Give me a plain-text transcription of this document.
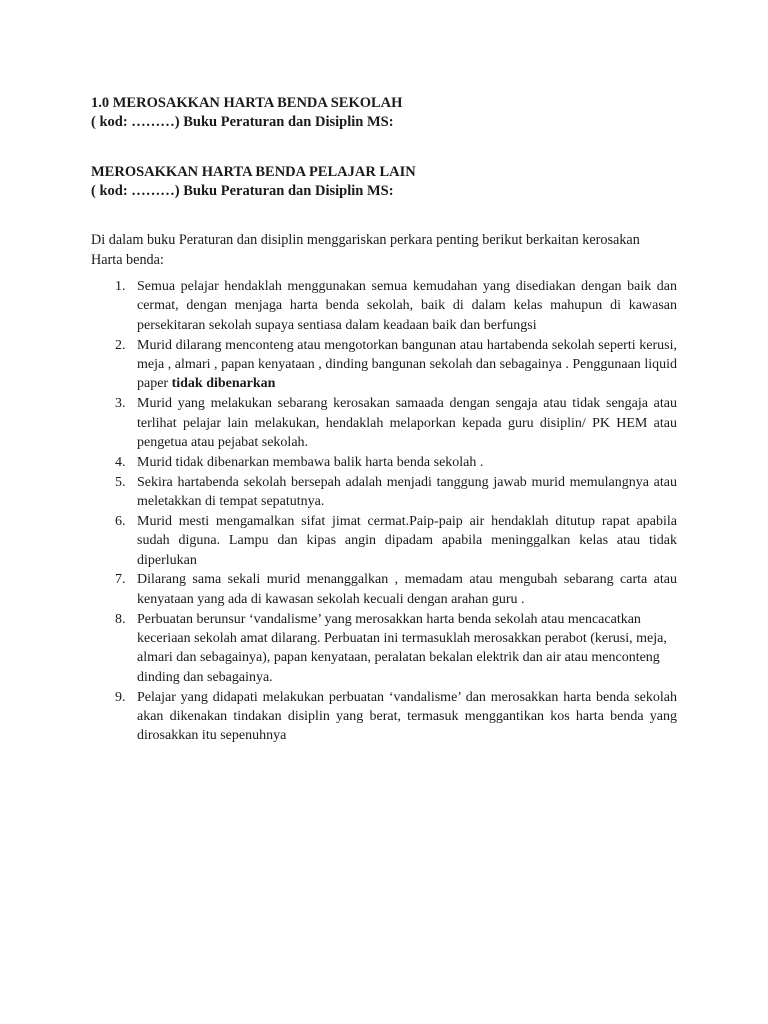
1.0 MEROSAKKAN HARTA BENDA SEKOLAH

( kod: ………) Buku Peraturan dan Disiplin MS:

MEROSAKKAN HARTA BENDA PELAJAR LAIN

( kod: ………) Buku Peraturan dan Disiplin MS:

Di dalam buku Peraturan dan disiplin menggariskan perkara penting berikut berkaitan kerosakan Harta benda:

1. Semua pelajar hendaklah menggunakan semua kemudahan yang disediakan dengan baik dan cermat, dengan menjaga harta benda sekolah, baik di dalam kelas mahupun di kawasan persekitaran sekolah supaya sentiasa dalam keadaan baik dan berfungsi
2. Murid dilarang menconteng atau mengotorkan bangunan atau hartabenda sekolah seperti kerusi, meja , almari , papan kenyataan , dinding bangunan sekolah dan sebagainya . Penggunaan liquid paper tidak dibenarkan
3. Murid yang melakukan sebarang kerosakan samaada dengan sengaja atau tidak sengaja atau terlihat pelajar lain melakukan, hendaklah melaporkan kepada guru disiplin/ PK HEM atau pengetua atau pejabat sekolah.
4. Murid tidak dibenarkan membawa balik harta benda sekolah .
5. Sekira hartabenda sekolah bersepah adalah menjadi tanggung jawab murid memulangnya atau meletakkan di tempat sepatutnya.
6. Murid mesti mengamalkan sifat jimat cermat.Paip-paip air hendaklah ditutup rapat apabila sudah diguna. Lampu dan kipas angin dipadam apabila meninggalkan kelas atau tidak diperlukan
7. Dilarang sama sekali murid menanggalkan , memadam atau mengubah sebarang carta atau kenyataan yang ada di kawasan sekolah kecuali dengan arahan guru .
8. Perbuatan berunsur ‘vandalisme’ yang merosakkan harta benda sekolah atau mencacatkan keceriaan sekolah amat dilarang. Perbuatan ini termasuklah merosakkan perabot (kerusi, meja, almari dan sebagainya), papan kenyataan, peralatan bekalan elektrik dan air atau menconteng dinding dan sebagainya.
9. Pelajar yang didapati melakukan perbuatan ‘vandalisme’ dan merosakkan harta benda sekolah akan dikenakan tindakan disiplin yang berat, termasuk menggantikan kos harta benda yang dirosakkan itu sepenuhnya
